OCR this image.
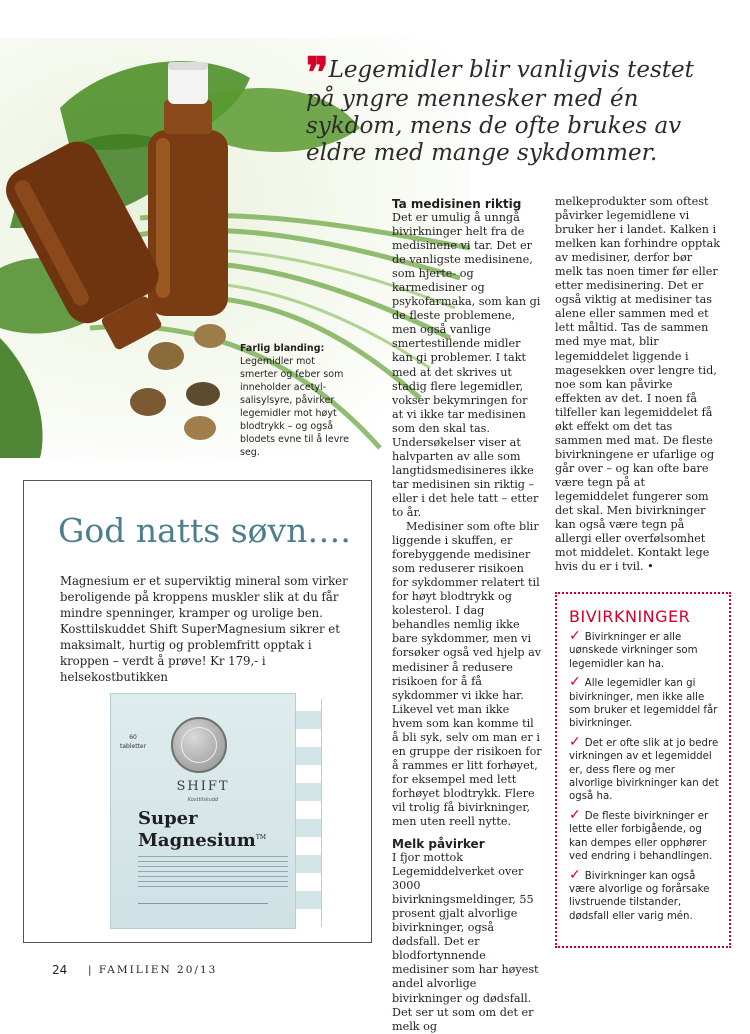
❞ Legemidler blir vanligvis testet på yngre mennesker med én sykdom, mens de ofte brukes av eldre med mange sykdommer.
Farlig blanding: Legemidler mot smerter og feber som inneholder acetyl-salisylsyre, påvirker legemidler mot høyt blodtrykk – og også blodets evne til å levre seg.
God natts søvn….
Magnesium er et superviktig mineral som virker beroligende på kroppens muskler slik at du får mindre spenninger, kramper og urolige ben. Kosttilskuddet Shift SuperMagnesium sikrer et maksimalt, hurtig og problemfritt opptak i kroppen – verdt å prøve! Kr 179,- i helsekostbutikken
60
tabletter
SHIFT
Kosttilskudd
Super
Magnesium™

Ta medisinen riktig

Det er umulig å unngå bivirkninger helt fra de medisinene vi tar. Det er de vanligste medisinene, som hjerte- og karmedisiner og psykofarmaka, som kan gi de fleste problemene, men også vanlige smertestillende midler kan gi problemer. I takt med at det skrives ut stadig flere legemidler, vokser bekymringen for at vi ikke tar medisinen som den skal tas. Undersøkelser viser at halvparten av alle som langtidsmedisineres ikke tar medisinen sin riktig – eller i det hele tatt – etter to år.

Medisiner som ofte blir liggende i skuffen, er forebyggende medisiner som reduserer risikoen for sykdommer relatert til for høyt blodtrykk og kolesterol. I dag behandles nemlig ikke bare sykdommer, men vi forsøker også ved hjelp av medisiner å redusere risikoen for å få sykdommer vi ikke har. Likevel vet man ikke hvem som kan komme til å bli syk, selv om man er i en gruppe der risikoen for å rammes er litt forhøyet, for eksempel med lett forhøyet blodtrykk. Flere vil trolig få bivirkninger, men uten reell nytte.

Melk påvirker

I fjor mottok Legemiddelverket over 3000 bivirkningsmeldinger, 55 prosent gjalt alvorlige bivirkninger, også dødsfall. Det er blodfortynnende medisiner som har høyest andel alvorlige bivirkninger og dødsfall. Det ser ut som om det er melk og

melkeprodukter som oftest påvirker legemidlene vi bruker her i landet. Kalken i melken kan forhindre opptak av medisiner, derfor bør melk tas noen timer før eller etter medisinering. Det er også viktig at medisiner tas alene eller sammen med et lett måltid. Tas de sammen med mye mat, blir legemiddelet liggende i magesekken over lengre tid, noe som kan påvirke effekten av det. I noen få tilfeller kan legemiddelet få økt effekt om det tas sammen med mat. De fleste bivirkningene er ufarlige og går over – og kan ofte bare være tegn på at legemiddelet fungerer som det skal. Men bivirkninger kan også være tegn på allergi eller overfølsomhet mot middelet. Kontakt lege hvis du er i tvil. •

BIVIRKNINGER
✓ Bivirkninger er alle uønskede virkninger som legemidler kan ha.
✓ Alle legemidler kan gi bivirkninger, men ikke alle som bruker et legemiddel får bivirkninger.
✓ Det er ofte slik at jo bedre virkningen av et legemiddel er, dess flere og mer alvorlige bivirkninger kan det også ha.
✓ De fleste bivirkninger er lette eller forbigående, og kan dempes eller opphører ved endring i behandlingen.
✓ Bivirkninger kan også være alvorlige og forårsake livstruende tilstander, dødsfall eller varig mén.
24 | FAMILIEN 20/13
